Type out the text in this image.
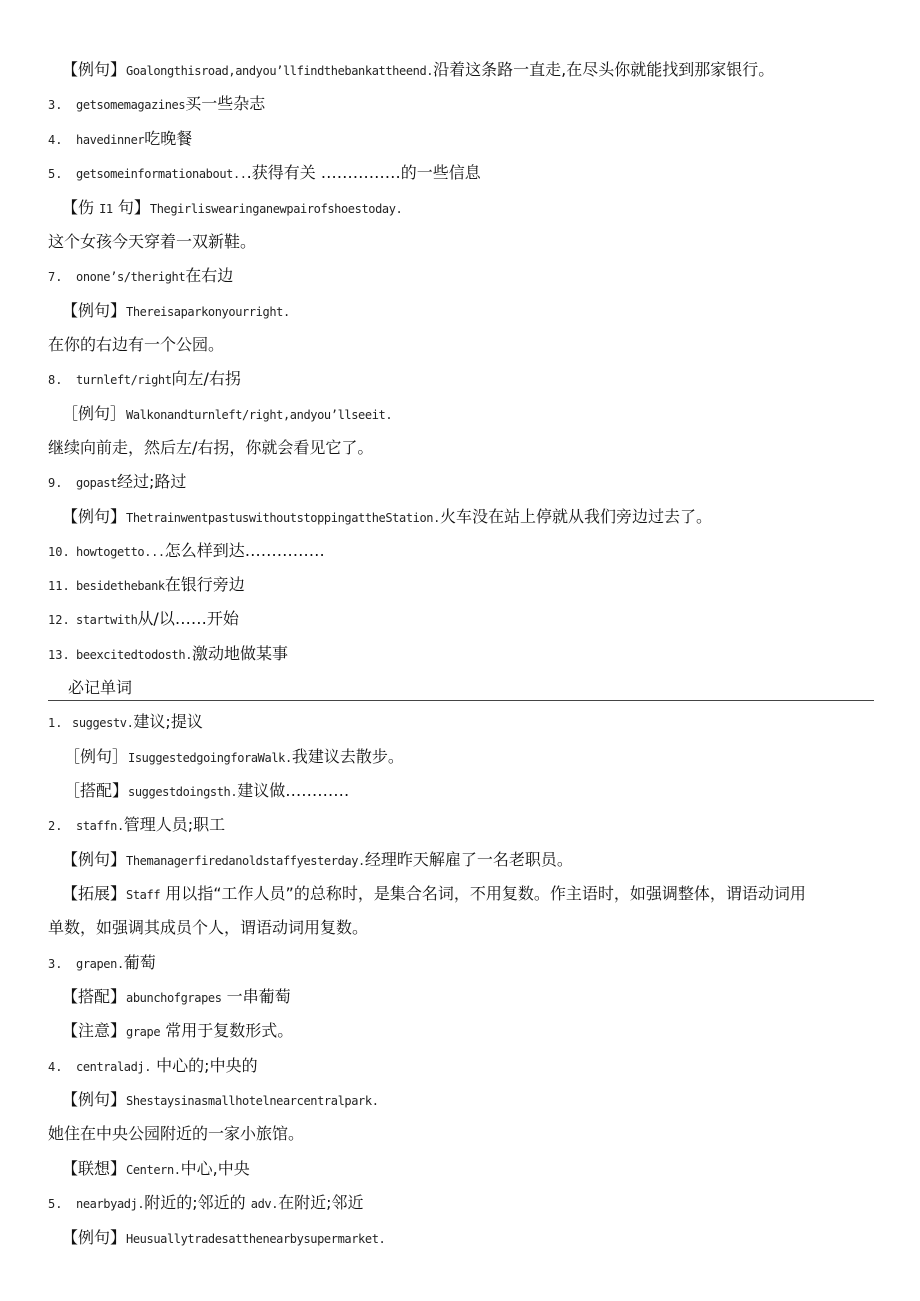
【例句】Goalongthisroad,andyou’llfindthebankattheend.沿着这条路一直走,在尽头你就能找到那家银行。
3. getsomemagazines买一些杂志
4. havedinner吃晚餐
5. getsomeinformationabout...获得有关 ……………的一些信息
【伤 I1 句】Thegirliswearinganewpairofshoestoday.
这个女孩今天穿着一双新鞋。
7. onone’s/theright在右边
【例句】Thereisaparkonyourright.
在你的右边有一个公园。
8. turnleft/right向左/右拐
［例句］Walkonandturnleft/right,andyou’llseeit.
继续向前走，然后左/右拐，你就会看见它了。
9. gopast经过;路过
【例句】ThetrainwentpastuswithoutstoppingattheStation.火车没在站上停就从我们旁边过去了。
10. howtogetto...怎么样到达……………
11. besidethebank在银行旁边
12. startwith从/以……开始
13. beexcitedtodosth.激动地做某事
必记单词
1. suggestv.建议;提议
［例句］IsuggestedgoingforaWalk.我建议去散步。
［搭配】suggestdoingsth.建议做…………
2. staffn.管理人员;职工
【例句】Themanagerfiredanoldstaffyesterday.经理昨天解雇了一名老职员。
【拓展】Staff 用以指“工作人员”的总称时，是集合名词，不用复数。作主语时，如强调整体，谓语动词用
单数，如强调其成员个人，谓语动词用复数。
3. grapen.葡萄
【搭配】abunchofgrapes 一串葡萄
【注意】grape 常用于复数形式。
4. centraladj. 中心的;中央的
【例句】Shestaysinasmallhotelnearcentralpark.
她住在中央公园附近的一家小旅馆。
【联想】Centern.中心,中央
5. nearbyadj.附近的;邻近的 adv.在附近;邻近
【例句】Heusuallytradesatthenearbysupermarket.
